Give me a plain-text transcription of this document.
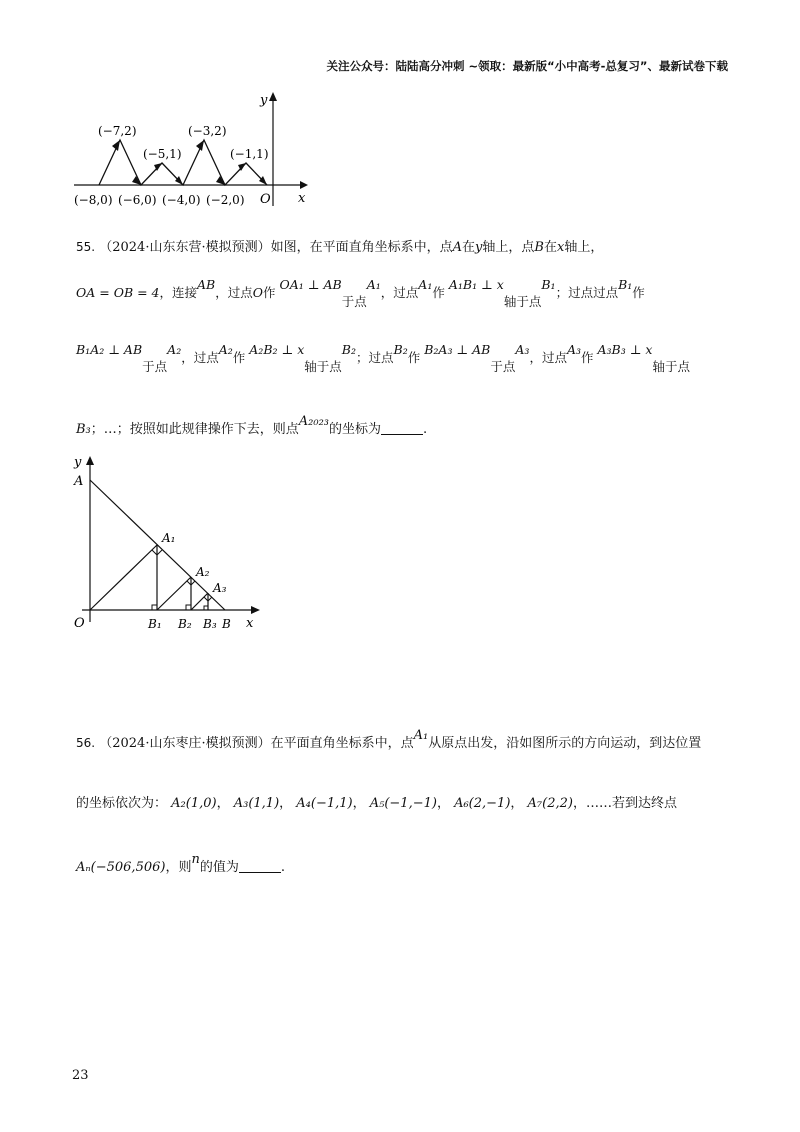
关注公众号：陆陆高分冲刺 ~领取：最新版“小中高考-总复习”、最新试卷下载
y
x
O
(−7,2)
(−5,1)
(−3,2)
(−1,1)
(−8,0) (−6,0) (−4,0) (−2,0)
55. （2024·山东东营·模拟预测）如图，在平面直角坐标系中，点A在y轴上，点B在x轴上，
OA = OB = 4，连接AB，过点O作 OA₁ ⊥ AB于点A₁，过点A₁作 A₁B₁ ⊥ x轴于点B₁；过点过点B₁作
B₁A₂ ⊥ AB于点A₂，过点A₂作 A₂B₂ ⊥ x轴于点B₂；过点B₂作 B₂A₃ ⊥ AB于点A₃，过点A₃作 A₃B₃ ⊥ x轴于点
B₃；…；按照如此规律操作下去，则点A₂₀₂₃的坐标为	.
y
A
O
A₁
A₂
A₃
B₁ B₂ B₃ B x
56. （2024·山东枣庄·模拟预测）在平面直角坐标系中，点A₁从原点出发，沿如图所示的方向运动，到达位置
的坐标依次为： A₂(1,0)， A₃(1,1)， A₄(−1,1)， A₅(−1,−1)， A₆(2,−1)， A₇(2,2)，……若到达终点
Aₙ(−506,506)，则n的值为	.
23
